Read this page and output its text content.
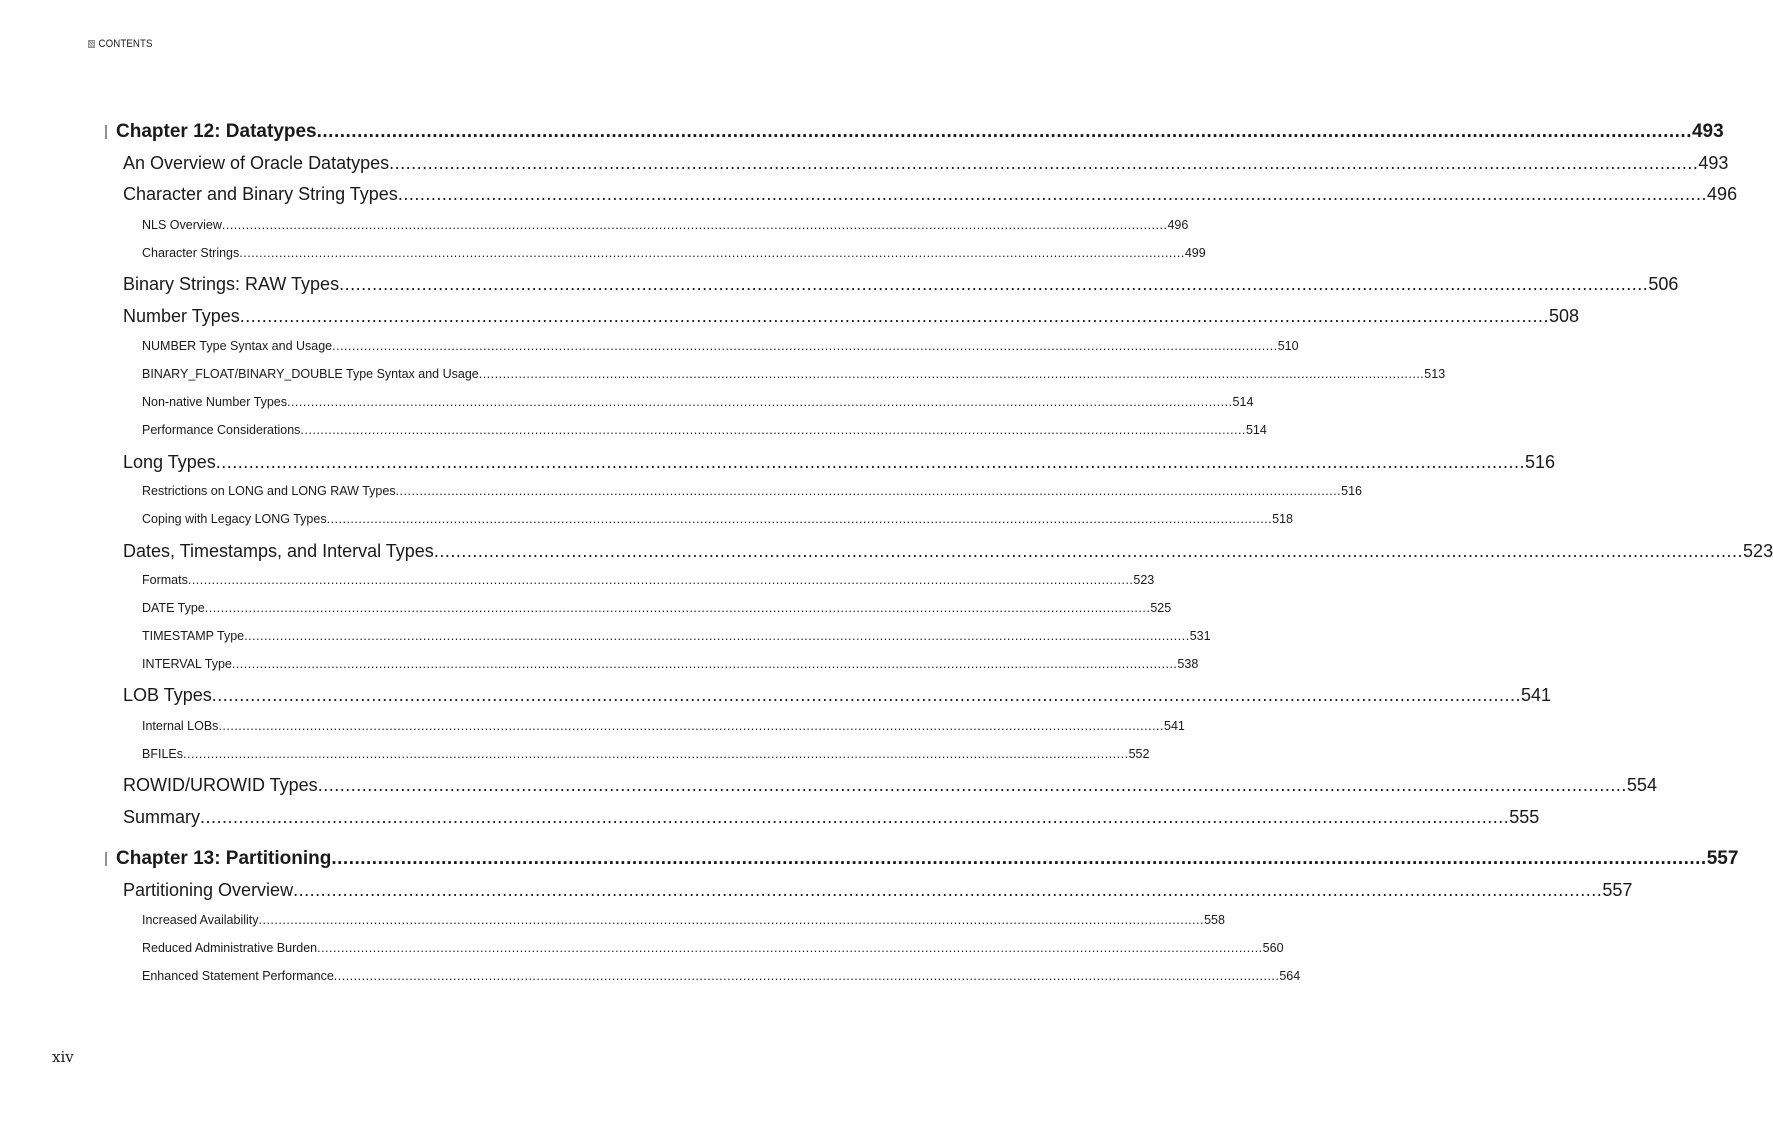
CONTENTS
Chapter 12: Datatypes .............................................................................................................................................................................................................................................. 493
An Overview of Oracle Datatypes .............................................................................................................................................................................................................................................. 493
Character and Binary String Types .............................................................................................................................................................................................................................................. 496
NLS Overview .............................................................................................................................................................................................................................................. 496
Character Strings .............................................................................................................................................................................................................................................. 499
Binary Strings: RAW Types .............................................................................................................................................................................................................................................. 506
Number Types .............................................................................................................................................................................................................................................. 508
NUMBER Type Syntax and Usage .............................................................................................................................................................................................................................................. 510
BINARY_FLOAT/BINARY_DOUBLE Type Syntax and Usage .............................................................................................................................................................................................................................................. 513
Non-native Number Types .............................................................................................................................................................................................................................................. 514
Performance Considerations .............................................................................................................................................................................................................................................. 514
Long Types .............................................................................................................................................................................................................................................. 516
Restrictions on LONG and LONG RAW Types .............................................................................................................................................................................................................................................. 516
Coping with Legacy LONG Types .............................................................................................................................................................................................................................................. 518
Dates, Timestamps, and Interval Types .............................................................................................................................................................................................................................................. 523
Formats .............................................................................................................................................................................................................................................. 523
DATE Type .............................................................................................................................................................................................................................................. 525
TIMESTAMP Type .............................................................................................................................................................................................................................................. 531
INTERVAL Type .............................................................................................................................................................................................................................................. 538
LOB Types .............................................................................................................................................................................................................................................. 541
Internal LOBs .............................................................................................................................................................................................................................................. 541
BFILEs .............................................................................................................................................................................................................................................. 552
ROWID/UROWID Types .............................................................................................................................................................................................................................................. 554
Summary .............................................................................................................................................................................................................................................. 555
Chapter 13: Partitioning .............................................................................................................................................................................................................................................. 557
Partitioning Overview .............................................................................................................................................................................................................................................. 557
Increased Availability .............................................................................................................................................................................................................................................. 558
Reduced Administrative Burden .............................................................................................................................................................................................................................................. 560
Enhanced Statement Performance .............................................................................................................................................................................................................................................. 564
xiv
